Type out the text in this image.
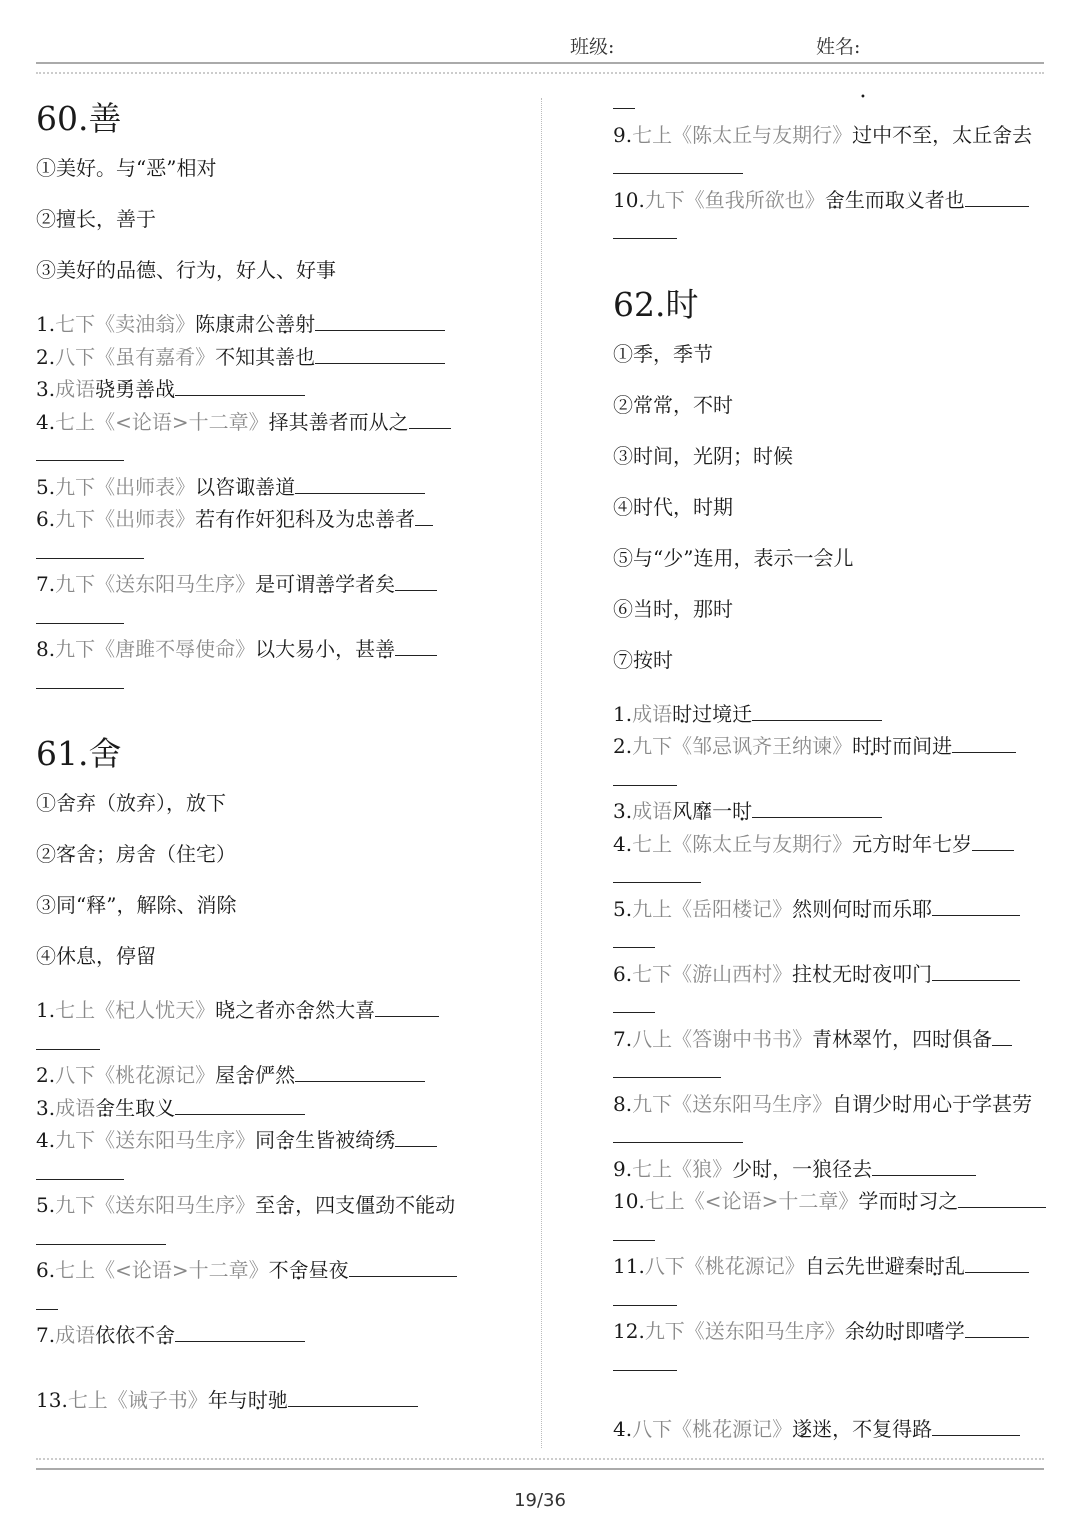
班级:	姓名:
•
60.善
①美好。与“恶”相对
②擅长，善于
③美好的品德、行为，好人、好事
1.七下《卖油翁》陈康肃公善射
2.八下《虽有嘉肴》不知其善也
3.成语骁勇善战
4.七上《<论语>十二章》择其善者而从之
5.九下《出师表》以咨诹善道
6.九下《出师表》若有作奸犯科及为忠善者
7.九下《送东阳马生序》是可谓善学者矣
8.九下《唐雎不辱使命》以大易小，甚善
61.舍
①舍弃（放弃），放下
②客舍；房舍（住宅）
③同“释”，解除、消除
④休息，停留
1.七上《杞人忧天》晓之者亦舍然大喜
2.八下《桃花源记》屋舍俨然
3.成语舍生取义
4.九下《送东阳马生序》同舍生皆被绮绣
5.九下《送东阳马生序》至舍，四支僵劲不能动
6.七上《<论语>十二章》不舍昼夜
7.成语依依不舍
13.七上《诫子书》年与时驰
9.七上《陈太丘与友期行》过中不至，太丘舍去
10.九下《鱼我所欲也》舍生而取义者也
62.时
①季，季节
②常常，不时
③时间，光阴；时候
④时代，时期
⑤与“少”连用，表示一会儿
⑥当时，那时
⑦按时
1.成语时过境迁
2.九下《邹忌讽齐王纳谏》时时而间进
3.成语风靡一时
4.七上《陈太丘与友期行》元方时年七岁
5.九上《岳阳楼记》然则何时而乐耶
6.七下《游山西村》拄杖无时夜叩门
7.八上《答谢中书书》青林翠竹，四时俱备
8.九下《送东阳马生序》自谓少时用心于学甚劳
9.七上《狼》少时，一狼径去
10.七上《<论语>十二章》学而时习之
11.八下《桃花源记》自云先世避秦时乱
12.九下《送东阳马生序》余幼时即嗜学
4.八下《桃花源记》遂迷，不复得路
19/36
